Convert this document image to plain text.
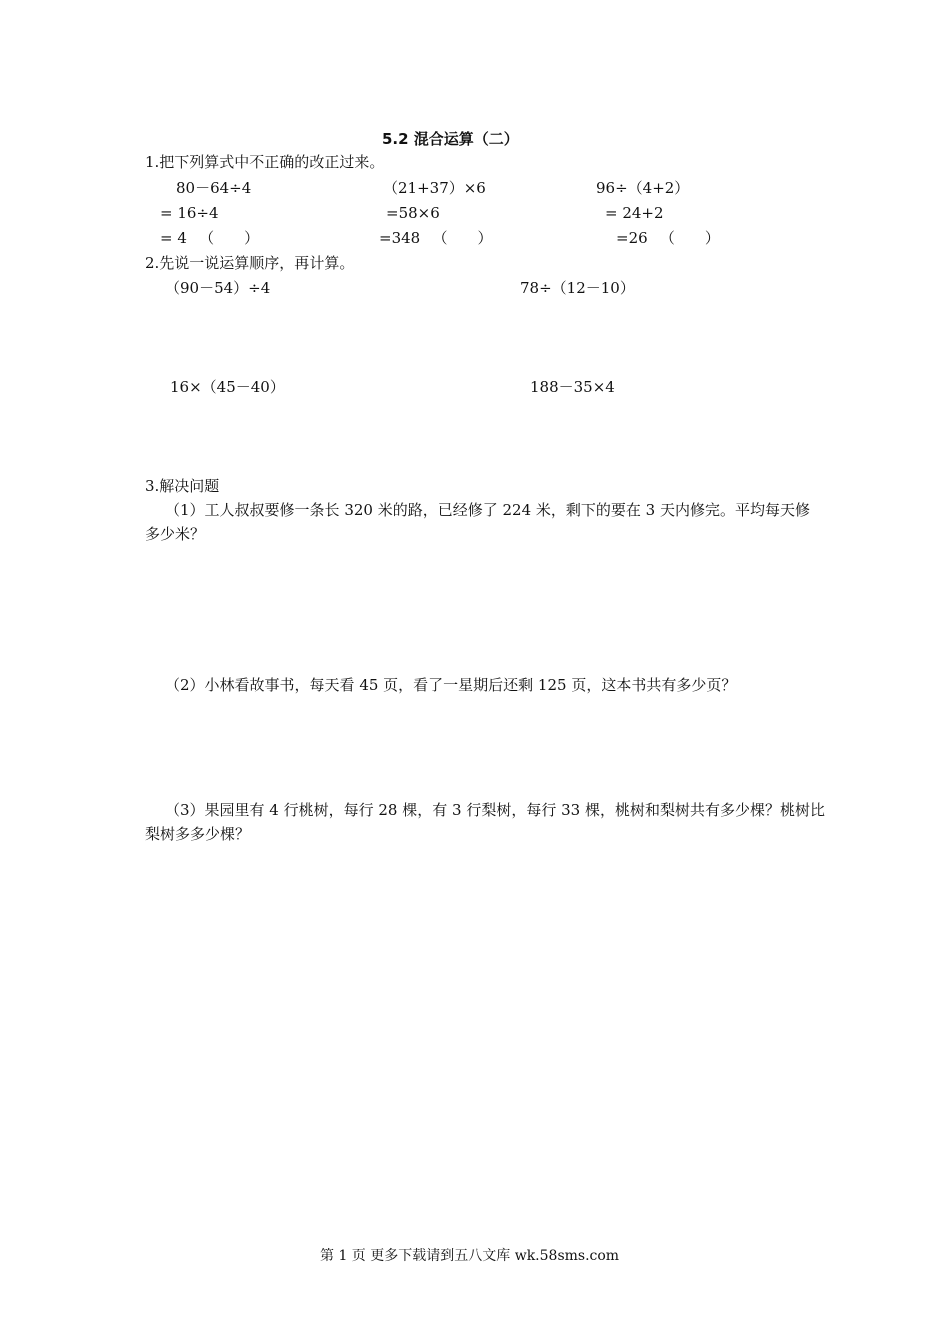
5.2 混合运算（二）
1.把下列算式中不正确的改正过来。
80－64÷4
= 16÷4
= 4 　（　　）
（21+37）×6
=58×6
=348 　（　　）
96÷（4+2）
= 24+2
=26 　（　　）
2.先说一说运算顺序，再计算。
（90－54）÷4	78÷（12－10）
16×（45－40）	188－35×4
3.解决问题
（1）工人叔叔要修一条长 320 米的路，已经修了 224 米，剩下的要在 3 天内修完。平均每天修多少米？
（2）小林看故事书，每天看 45 页，看了一星期后还剩 125 页，这本书共有多少页？
（3）果园里有 4 行桃树，每行 28 棵，有 3 行梨树，每行 33 棵，桃树和梨树共有多少棵？桃树比梨树多多少棵？
第 1 页 更多下载请到五八文库 wk.58sms.com
